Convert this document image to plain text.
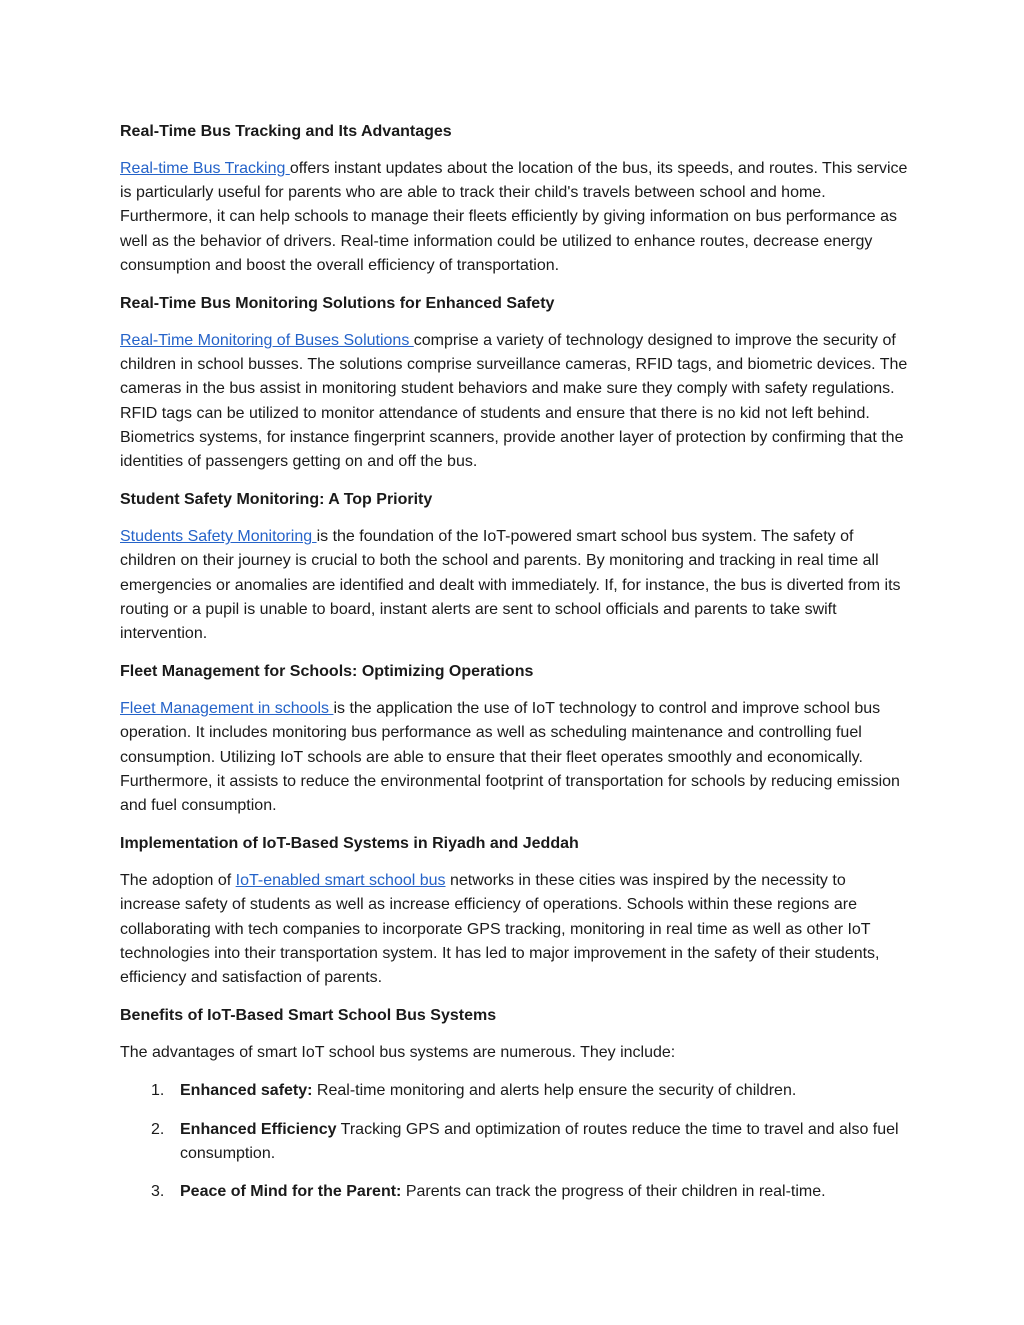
Real-Time Bus Tracking and Its Advantages

Real-time Bus Tracking offers instant updates about the location of the bus, its speeds, and routes. This service is particularly useful for parents who are able to track their child's travels between school and home. Furthermore, it can help schools to manage their fleets efficiently by giving information on bus performance as well as the behavior of drivers. Real-time information could be utilized to enhance routes, decrease energy consumption and boost the overall efficiency of transportation.

Real-Time Bus Monitoring Solutions for Enhanced Safety

Real-Time Monitoring of Buses Solutions comprise a variety of technology designed to improve the security of children in school busses. The solutions comprise surveillance cameras, RFID tags, and biometric devices. The cameras in the bus assist in monitoring student behaviors and make sure they comply with safety regulations. RFID tags can be utilized to monitor attendance of students and ensure that there is no kid not left behind. Biometrics systems, for instance fingerprint scanners, provide another layer of protection by confirming that the identities of passengers getting on and off the bus.

Student Safety Monitoring: A Top Priority

Students Safety Monitoring is the foundation of the IoT-powered smart school bus system. The safety of children on their journey is crucial to both the school and parents. By monitoring and tracking in real time all emergencies or anomalies are identified and dealt with immediately. If, for instance, the bus is diverted from its routing or a pupil is unable to board, instant alerts are sent to school officials and parents to take swift intervention.

Fleet Management for Schools: Optimizing Operations

Fleet Management in schools is the application the use of IoT technology to control and improve school bus operation. It includes monitoring bus performance as well as scheduling maintenance and controlling fuel consumption. Utilizing IoT schools are able to ensure that their fleet operates smoothly and economically. Furthermore, it assists to reduce the environmental footprint of transportation for schools by reducing emission and fuel consumption.

Implementation of IoT-Based Systems in Riyadh and Jeddah

The adoption of IoT-enabled smart school bus networks in these cities was inspired by the necessity to increase safety of students as well as increase efficiency of operations. Schools within these regions are collaborating with tech companies to incorporate GPS tracking, monitoring in real time as well as other IoT technologies into their transportation system. It has led to major improvement in the safety of their students, efficiency and satisfaction of parents.

Benefits of IoT-Based Smart School Bus Systems

The advantages of smart IoT school bus systems are numerous. They include:

1. Enhanced safety: Real-time monitoring and alerts help ensure the security of children.
2. Enhanced Efficiency Tracking GPS and optimization of routes reduce the time to travel and also fuel consumption.
3. Peace of Mind for the Parent: Parents can track the progress of their children in real-time.
